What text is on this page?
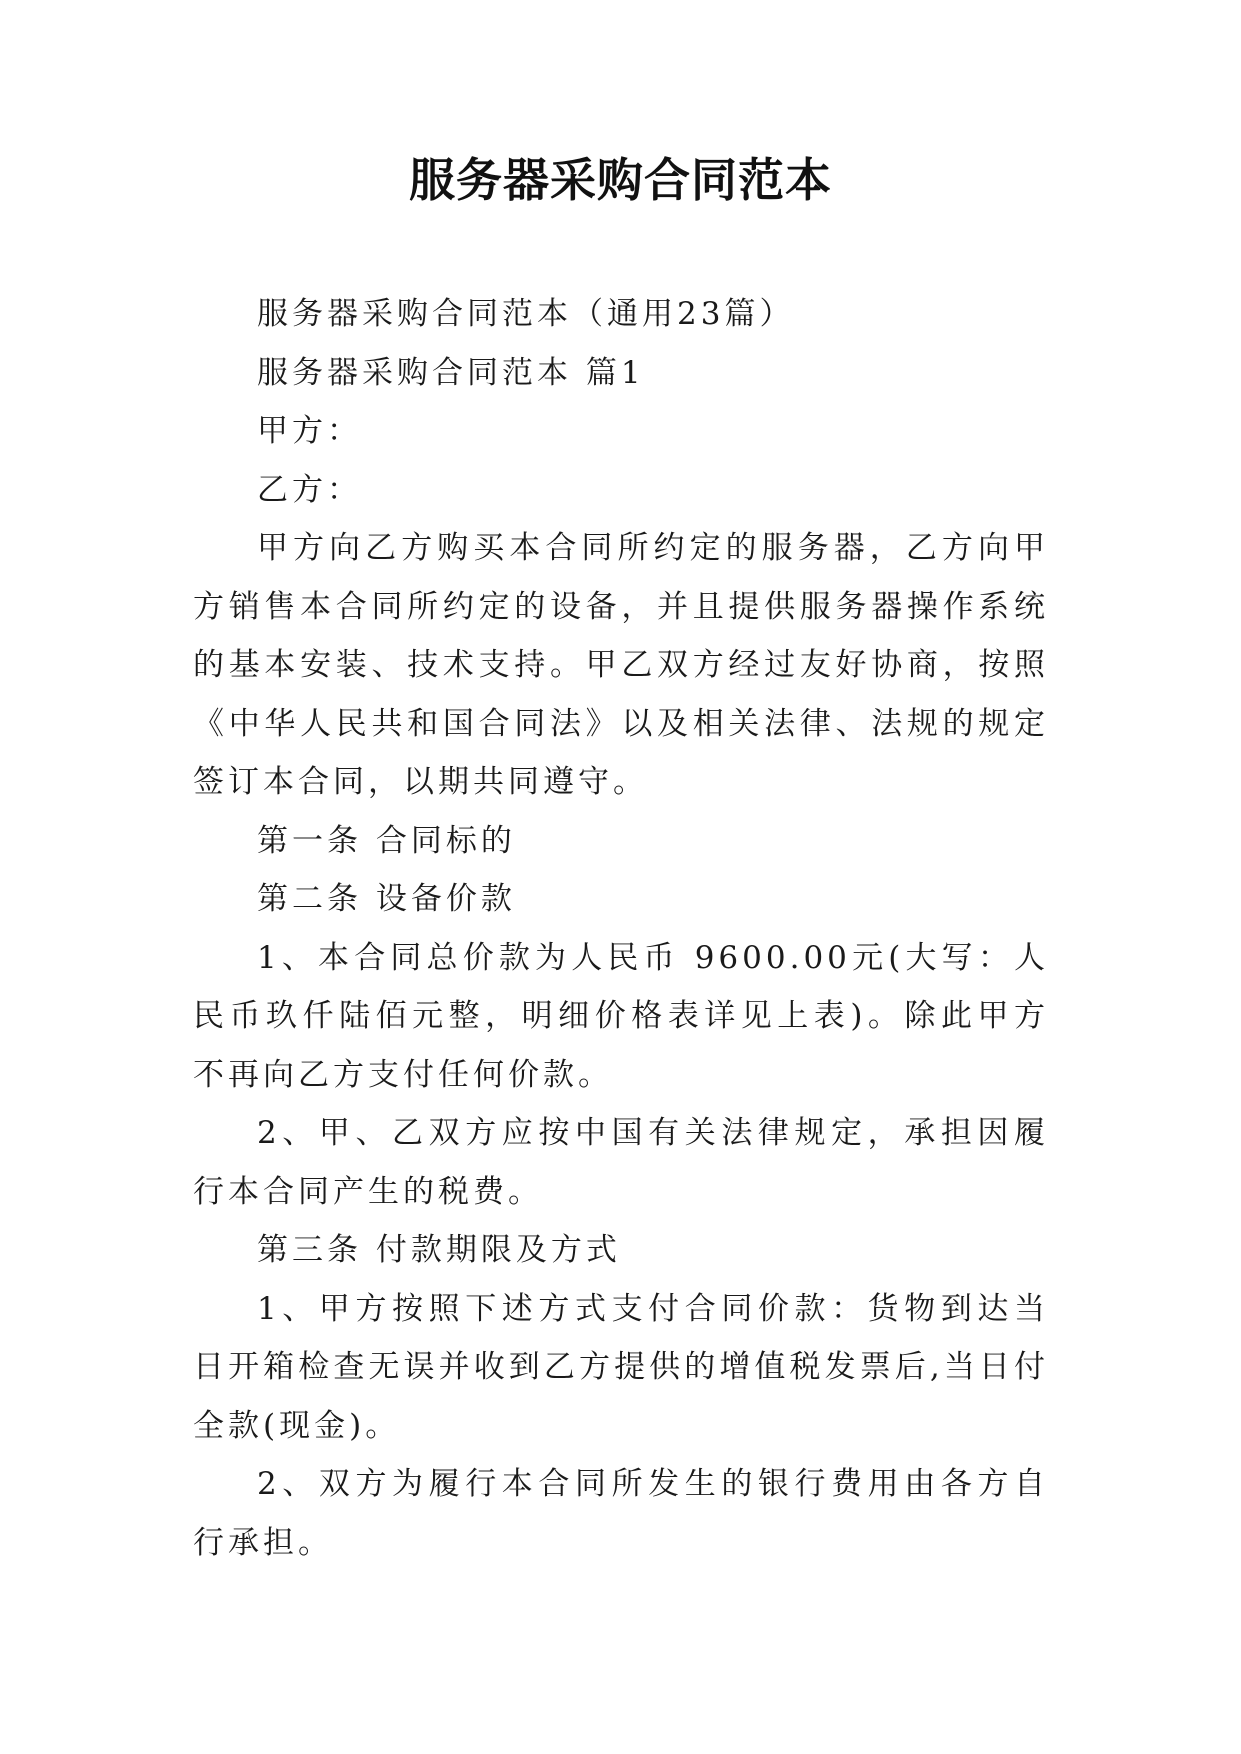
服务器采购合同范本

服务器采购合同范本（通用23篇）

服务器采购合同范本 篇1

甲方：

乙方：

甲方向乙方购买本合同所约定的服务器，乙方向甲方销售本合同所约定的设备，并且提供服务器操作系统的基本安装、技术支持。甲乙双方经过友好协商，按照《中华人民共和国合同法》以及相关法律、法规的规定签订本合同，以期共同遵守。

第一条 合同标的

第二条 设备价款

1、本合同总价款为人民币 9600.00元(大写：人民币玖仟陆佰元整，明细价格表详见上表)。除此甲方不再向乙方支付任何价款。

2、甲、乙双方应按中国有关法律规定，承担因履行本合同产生的税费。

第三条 付款期限及方式

1、甲方按照下述方式支付合同价款：货物到达当日开箱检查无误并收到乙方提供的增值税发票后,当日付全款(现金)。

2、双方为履行本合同所发生的银行费用由各方自行承担。
